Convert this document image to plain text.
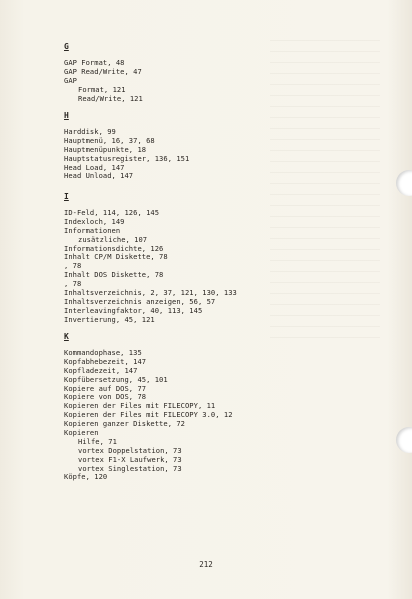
G
GAP Format, 48
GAP Read/Write, 47
GAP
Format, 121
Read/Write, 121
H
Harddisk, 99
Hauptmenü, 16, 37, 68
Hauptmenüpunkte, 18
Hauptstatusregister, 136, 151
Head Load, 147
Head Unload, 147
I
ID-Feld, 114, 126, 145
Indexloch, 149
Informationen
zusätzliche, 107
Informationsdichte, 126
Inhalt CP/M Diskette, 78
, 78
Inhalt DOS Diskette, 78
, 78
Inhaltsverzeichnis, 2, 37, 121, 130, 133
Inhaltsverzeichnis anzeigen, 56, 57
Interleavingfaktor, 40, 113, 145
Invertierung, 45, 121
K
Kommandophase, 135
Kopfabhebezeit, 147
Kopfladezeit, 147
Kopfübersetzung, 45, 101
Kopiere auf DOS, 77
Kopiere von DOS, 78
Kopieren der Files mit FILECOPY, 11
Kopieren der Files mit FILECOPY 3.0, 12
Kopieren ganzer Diskette, 72
Kopieren
Hilfe, 71
vortex Doppelstation, 73
vortex F1-X Laufwerk, 73
vortex Singlestation, 73
Köpfe, 120
212
